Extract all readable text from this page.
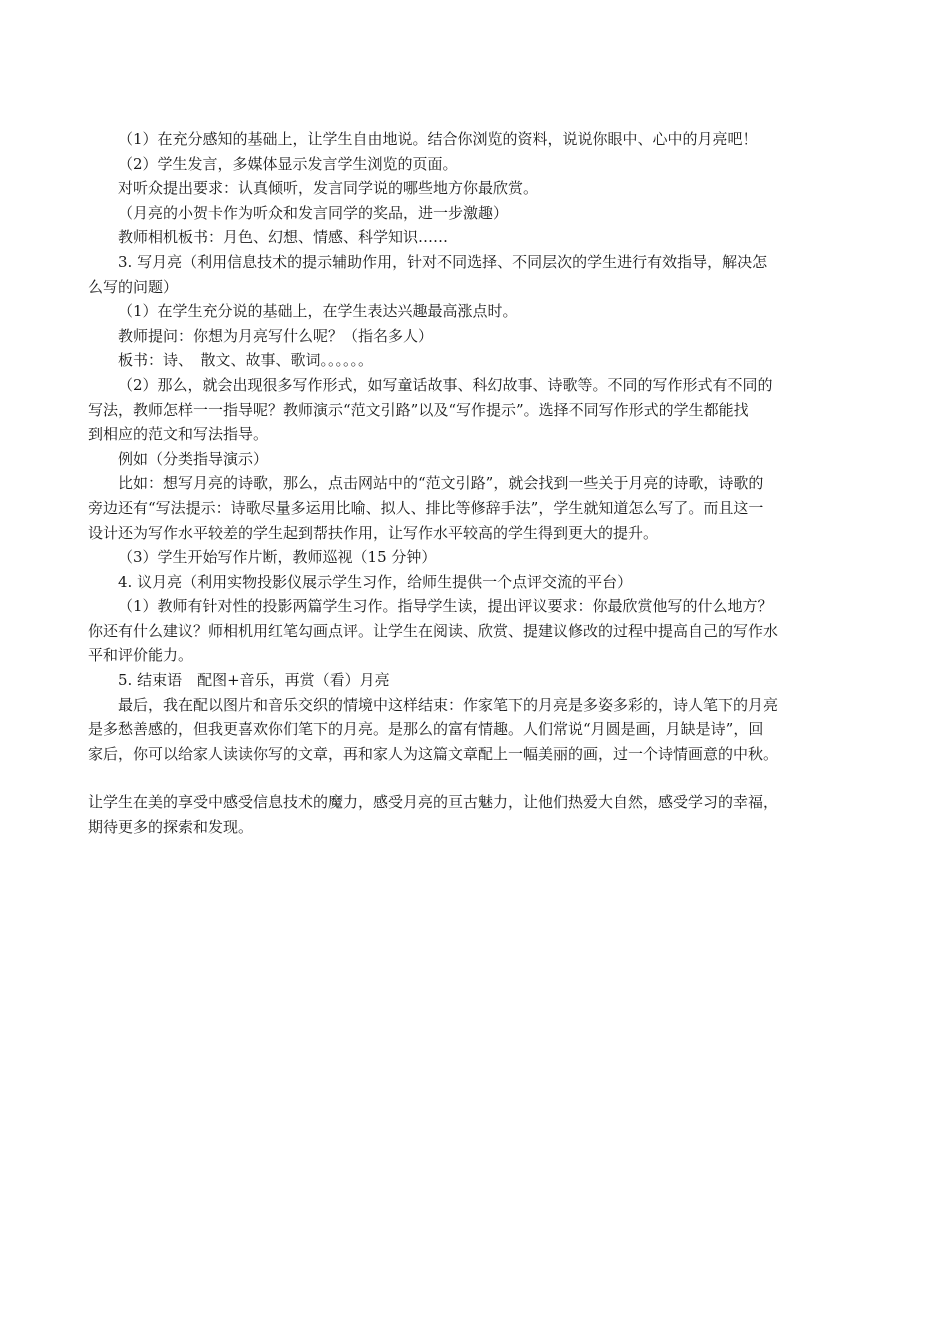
（1）在充分感知的基础上，让学生自由地说。结合你浏览的资料，说说你眼中、心中的月亮吧！
（2）学生发言，多媒体显示发言学生浏览的页面。
对听众提出要求：认真倾听，发言同学说的哪些地方你最欣赏。
（月亮的小贺卡作为听众和发言同学的奖品，进一步激趣）
教师相机板书：月色、幻想、情感、科学知识……
3. 写月亮（利用信息技术的提示辅助作用，针对不同选择、不同层次的学生进行有效指导，解决怎
么写的问题）
（1）在学生充分说的基础上，在学生表达兴趣最高涨点时。
教师提问：你想为月亮写什么呢？（指名多人）
板书：诗、　散文、故事、歌词。。。。。。
（2）那么，就会出现很多写作形式，如写童话故事、科幻故事、诗歌等。不同的写作形式有不同的
写法，教师怎样一一指导呢？教师演示“范文引路”以及“写作提示”。选择不同写作形式的学生都能找
到相应的范文和写法指导。
例如（分类指导演示）
比如：想写月亮的诗歌，那么，点击网站中的“范文引路”，就会找到一些关于月亮的诗歌，诗歌的
旁边还有“写法提示：诗歌尽量多运用比喻、拟人、排比等修辞手法”，学生就知道怎么写了。而且这一
设计还为写作水平较差的学生起到帮扶作用，让写作水平较高的学生得到更大的提升。
（3）学生开始写作片断，教师巡视（15 分钟）
4. 议月亮（利用实物投影仪展示学生习作，给师生提供一个点评交流的平台）
（1）教师有针对性的投影两篇学生习作。指导学生读，提出评议要求：你最欣赏他写的什么地方？
你还有什么建议？师相机用红笔勾画点评。让学生在阅读、欣赏、提建议修改的过程中提高自己的写作水
平和评价能力。
5. 结束语　配图+音乐，再赏（看）月亮
最后，我在配以图片和音乐交织的情境中这样结束：作家笔下的月亮是多姿多彩的，诗人笔下的月亮
是多愁善感的，但我更喜欢你们笔下的月亮。是那么的富有情趣。人们常说“月圆是画，月缺是诗”，回
家后，你可以给家人读读你写的文章，再和家人为这篇文章配上一幅美丽的画，过一个诗情画意的中秋。
让学生在美的享受中感受信息技术的魔力，感受月亮的亘古魅力，让他们热爱大自然，感受学习的幸福，
期待更多的探索和发现。
